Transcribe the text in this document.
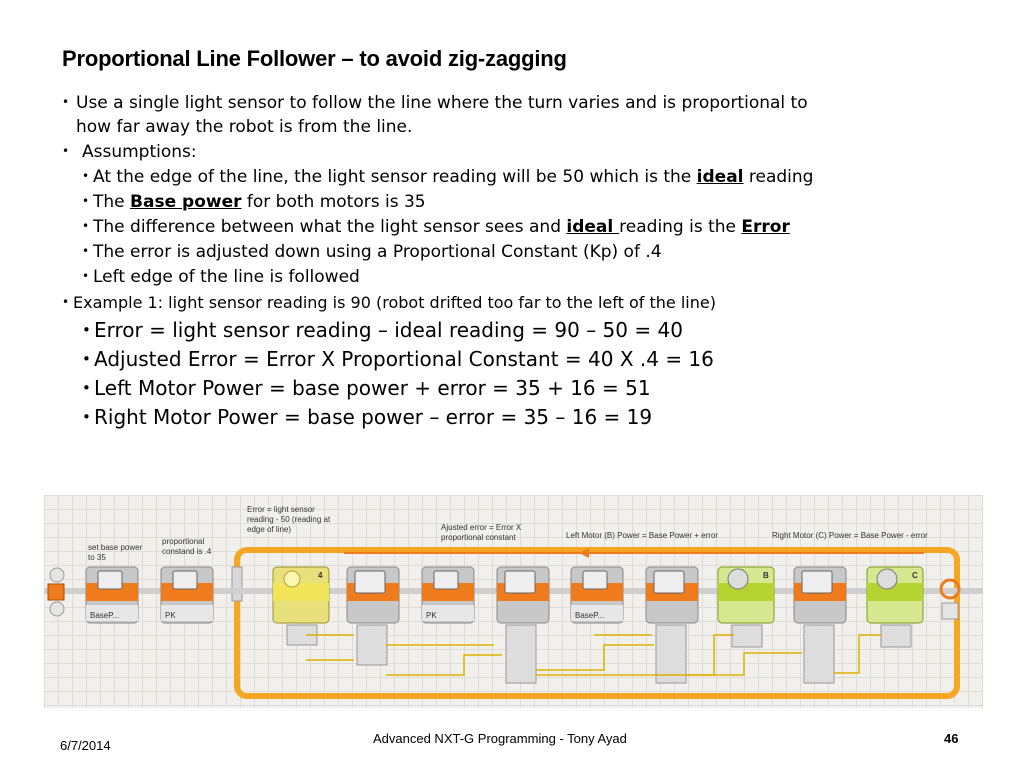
Proportional Line Follower – to avoid zig-zagging
• Use a single light sensor to follow the line where the turn varies and is proportional to
how far away the robot is from the line.
• Assumptions:
• At the edge of the line, the light sensor reading will be 50 which is the ideal reading
• The Base power for both motors is 35
• The difference between what the light sensor sees and ideal reading is the Error
• The error is adjusted down using a Proportional Constant (Kp) of .4
• Left edge of the line is followed
• Example 1: light sensor reading is 90 (robot drifted too far to the left of the line)
• Error = light sensor reading – ideal reading = 90 – 50 = 40
• Adjusted Error = Error X Proportional Constant = 40 X .4 = 16
• Left Motor Power = base power + error = 35 + 16 = 51
• Right Motor Power = base power – error = 35 – 16 = 19
set base power
to 35
proportional
constand is .4
Error = light sensor
reading - 50 (reading at
edge of line)	Ajusted error = Error X
proportional constant	Left Motor (B) Power = Base Power + error	Right Motor (C) Power = Base Power - error
BaseP...	PK	PK	BaseP...
4	B	C
6/7/2014	Advanced NXT-G Programming - Tony Ayad	46
